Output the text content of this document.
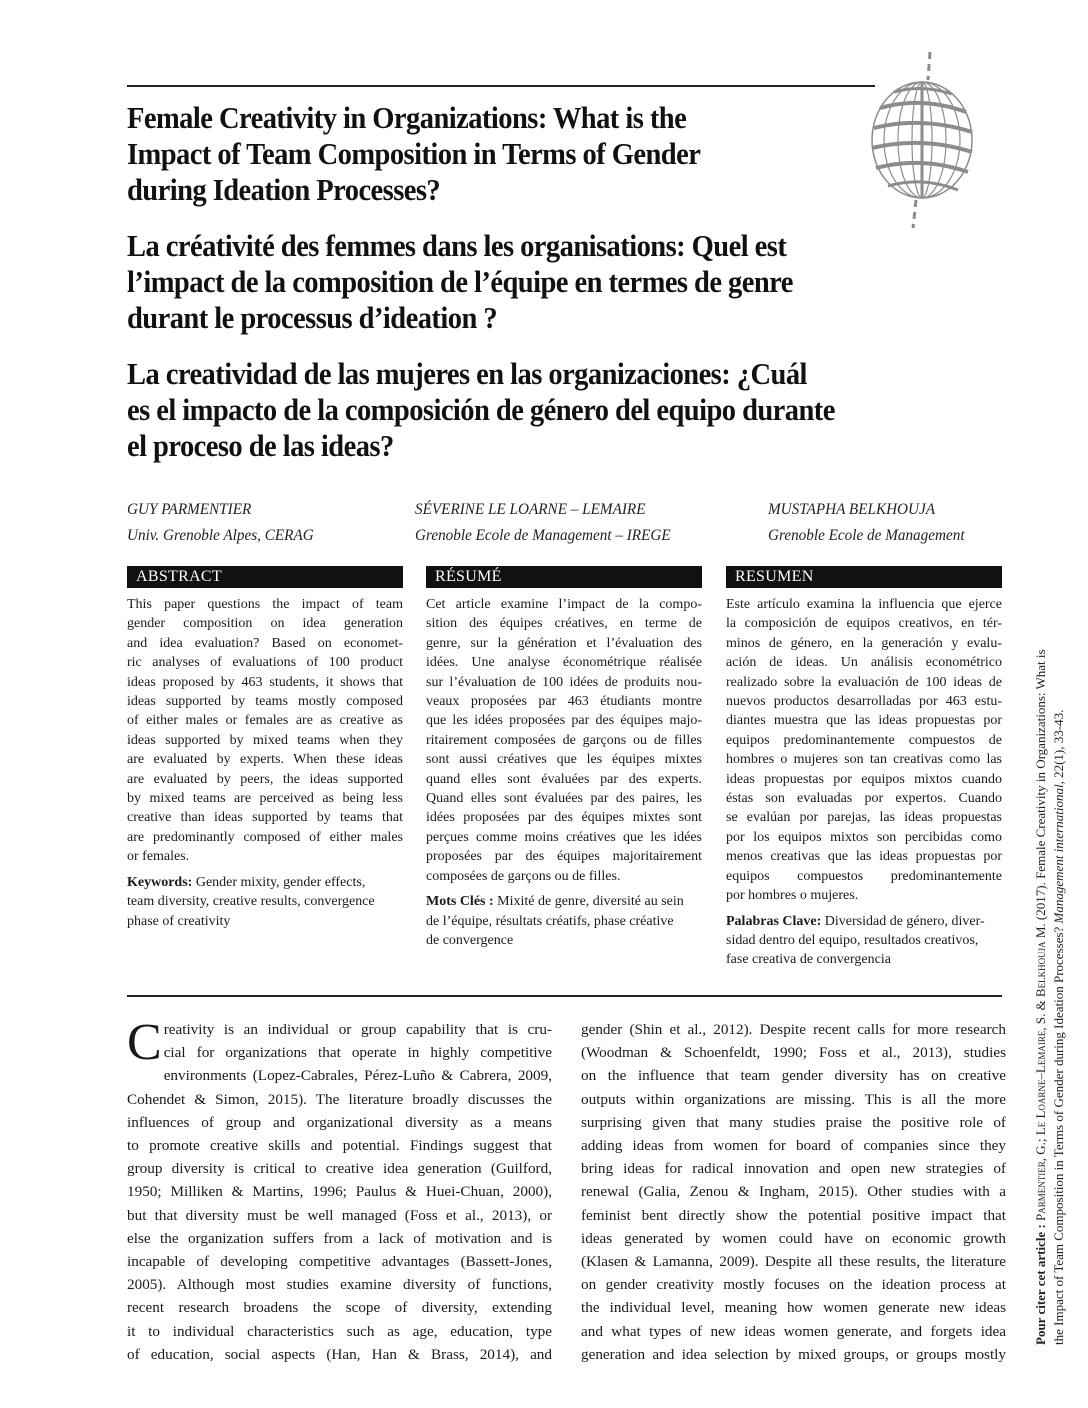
Female Creativity in Organizations: What is the
Impact of Team Composition in Terms of Gender
during Ideation Processes?
La créativité des femmes dans les organisations: Quel est
l’impact de la composition de l’équipe en termes de genre
durant le processus d’ideation ?
La creatividad de las mujeres en las organizaciones: ¿Cuál
es el impacto de la composición de género del equipo durante
el proceso de las ideas?
GUY PARMENTIER
Univ. Grenoble Alpes, CERAG
SÉVERINE LE LOARNE – LEMAIRE
Grenoble Ecole de Management – IREGE
MUSTAPHA BELKHOUJA
Grenoble Ecole de Management
ABSTRACT
This paper questions the impact of team
gender composition on idea generation
and idea evaluation? Based on economet-
ric analyses of evaluations of 100 product
ideas proposed by 463 students, it shows that
ideas supported by teams mostly composed
of either males or females are as creative as
ideas supported by mixed teams when they
are evaluated by experts. When these ideas
are evaluated by peers, the ideas supported
by mixed teams are perceived as being less
creative than ideas supported by teams that
are predominantly composed of either males
or females.
Keywords: Gender mixity, gender effects,
team diversity, creative results, convergence
phase of creativity
RÉSUMÉ
Cet article examine l’impact de la compo-
sition des équipes créatives, en terme de
genre, sur la génération et l’évaluation des
idées. Une analyse économétrique réalisée
sur l’évaluation de 100 idées de produits nou-
veaux proposées par 463 étudiants montre
que les idées proposées par des équipes majo-
ritairement composées de garçons ou de filles
sont aussi créatives que les équipes mixtes
quand elles sont évaluées par des experts.
Quand elles sont évaluées par des paires, les
idées proposées par des équipes mixtes sont
perçues comme moins créatives que les idées
proposées par des équipes majoritairement
composées de garçons ou de filles.
Mots Clés : Mixité de genre, diversité au sein
de l’équipe, résultats créatifs, phase créative
de convergence
RESUMEN
Este artículo examina la influencia que ejerce
la composición de equipos creativos, en tér-
minos de género, en la generación y evalu-
ación de ideas. Un análisis econométrico
realizado sobre la evaluación de 100 ideas de
nuevos productos desarrolladas por 463 estu-
diantes muestra que las ideas propuestas por
equipos predominantemente compuestos de
hombres o mujeres son tan creativas como las
ideas propuestas por equipos mixtos cuando
éstas son evaluadas por expertos. Cuando
se evalúan por parejas, las ideas propuestas
por los equipos mixtos son percibidas como
menos creativas que las ideas propuestas por
equipos compuestos predominantemente
por hombres o mujeres.
Palabras Clave: Diversidad de género, diver-
sidad dentro del equipo, resultados creativos,
fase creativa de convergencia
C reativity is an individual or group capability that is cru-
cial for organizations that operate in highly competitive
environments (Lopez-Cabrales, Pérez-Luño & Cabrera, 2009,
Cohendet & Simon, 2015). The literature broadly discusses the
influences of group and organizational diversity as a means
to promote creative skills and potential. Findings suggest that
group diversity is critical to creative idea generation (Guilford,
1950; Milliken & Martins, 1996; Paulus & Huei-Chuan, 2000),
but that diversity must be well managed (Foss et al., 2013), or
else the organization suffers from a lack of motivation and is
incapable of developing competitive advantages (Bassett-Jones,
2005). Although most studies examine diversity of functions,
recent research broadens the scope of diversity, extending
it to individual characteristics such as age, education, type
of education, social aspects (Han, Han & Brass, 2014), and
gender (Shin et al., 2012). Despite recent calls for more research
(Woodman & Schoenfeldt, 1990; Foss et al., 2013), studies
on the influence that team gender diversity has on creative
outputs within organizations are missing. This is all the more
surprising given that many studies praise the positive role of
adding ideas from women for board of companies since they
bring ideas for radical innovation and open new strategies of
renewal (Galia, Zenou & Ingham, 2015). Other studies with a
feminist bent directly show the potential positive impact that
ideas generated by women could have on economic growth
(Klasen & Lamanna, 2009). Despite all these results, the literature
on gender creativity mostly focuses on the ideation process at
the individual level, meaning how women generate new ideas
and what types of new ideas women generate, and forgets idea
generation and idea selection by mixed groups, or groups mostly
Pour citer cet article : Parmentier, G.; Le Loarne–Lemaire, S. & Belkhouja M. (2017). Female Creativity in Organizations: What is
the Impact of Team Composition in Terms of Gender during Ideation Processes? Management international, 22(1), 33-43.
